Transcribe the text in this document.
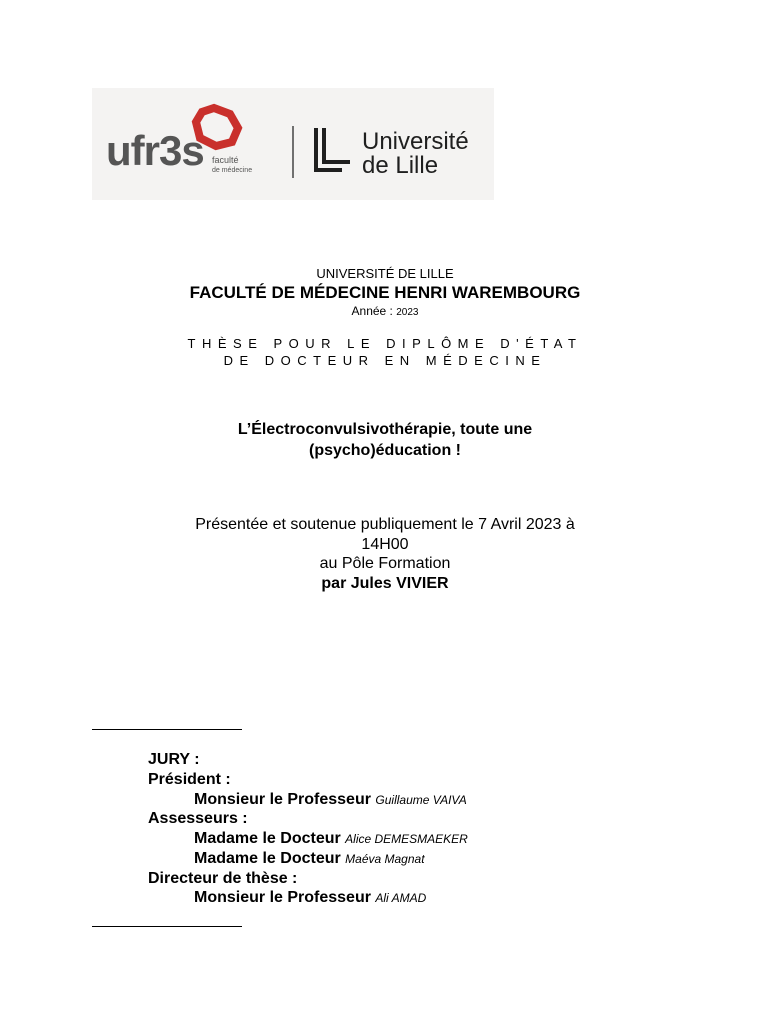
ufr3s faculté
de médecine
Université
de Lille
UNIVERSITÉ DE LILLE
FACULTÉ DE MÉDECINE HENRI WAREMBOURG
Année : 2023
THÈSE POUR LE DIPLÔME D'ÉTAT
DE DOCTEUR EN MÉDECINE
L’Électroconvulsivothérapie, toute une
(psycho)éducation !
Présentée et soutenue publiquement le 7 Avril 2023 à
14H00
au Pôle Formation
par Jules VIVIER
JURY :
Président :
Monsieur le Professeur Guillaume VAIVA
Assesseurs :
Madame le Docteur Alice DEMESMAEKER
Madame le Docteur Maéva Magnat
Directeur de thèse :
Monsieur le Professeur Ali AMAD
